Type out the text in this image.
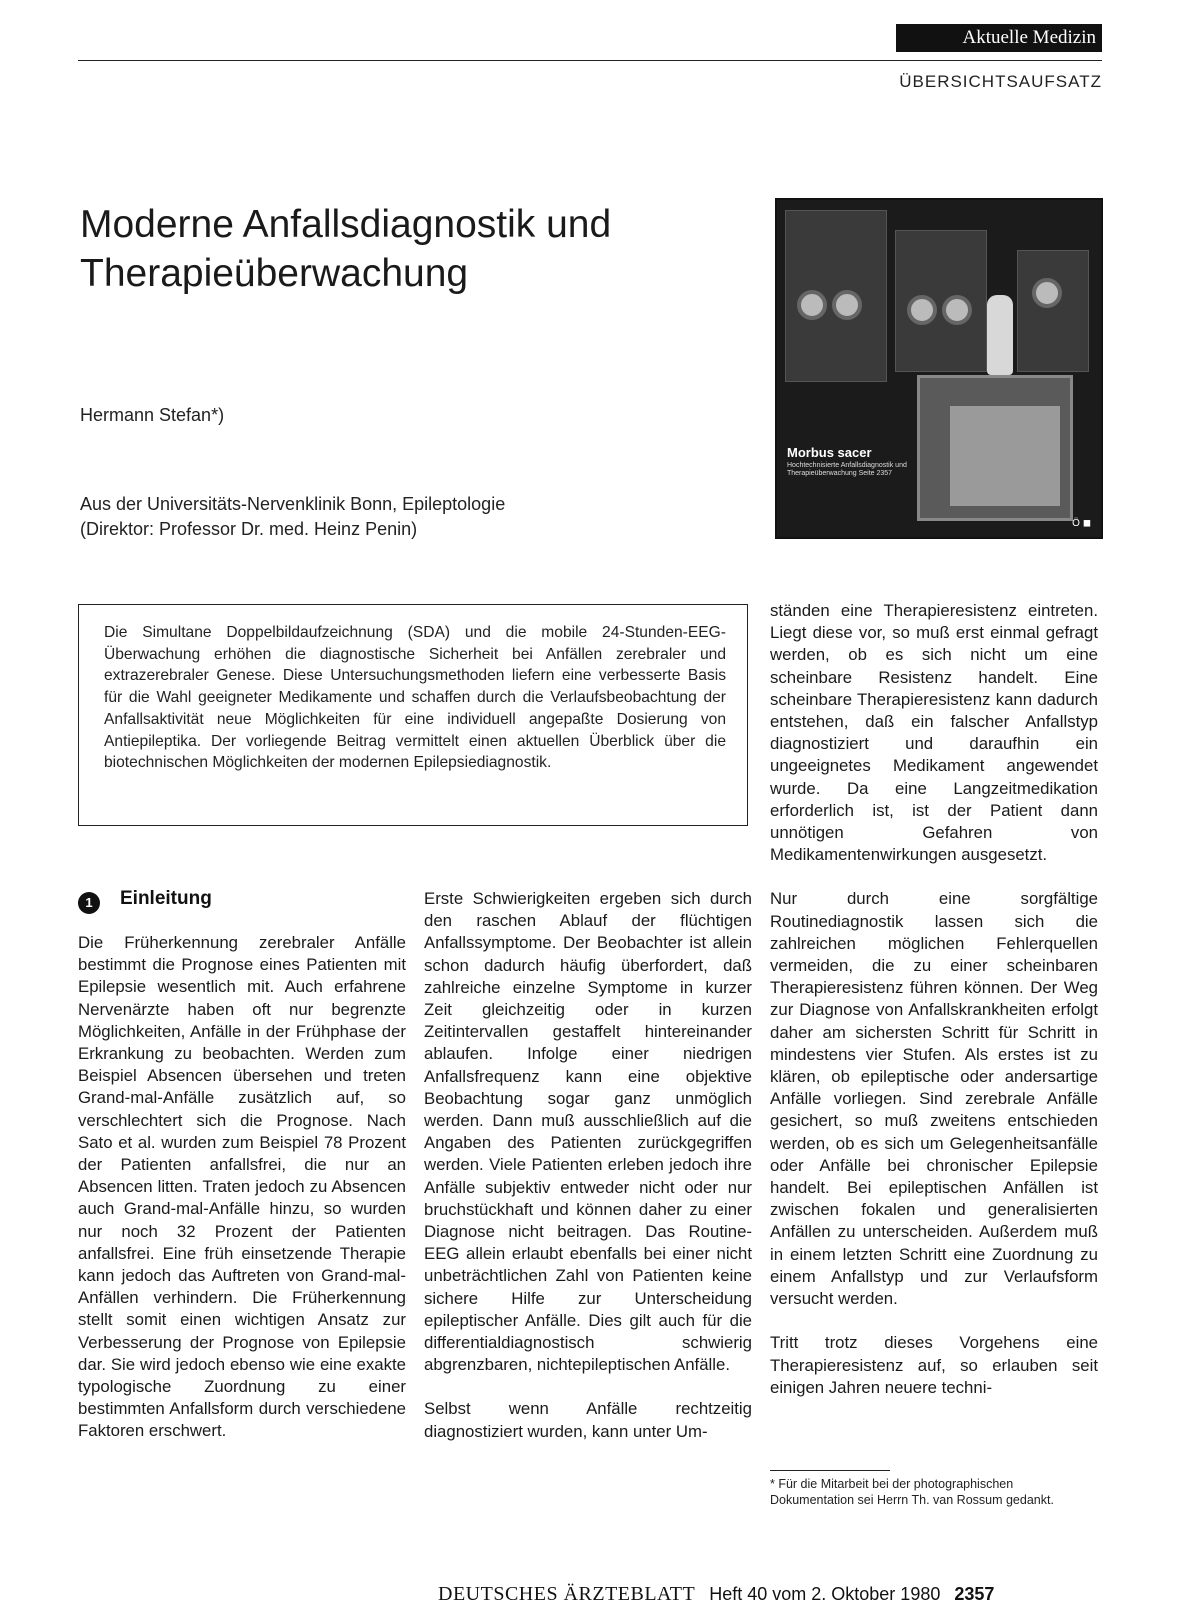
Aktuelle Medizin
ÜBERSICHTSAUFSATZ
Moderne Anfallsdiagnostik und Therapieüberwachung
Hermann Stefan*)
Aus der Universitäts-Nervenklinik Bonn, Epileptologie
(Direktor: Professor Dr. med. Heinz Penin)
Morbus sacer
Hochtechnisierte Anfallsdiagnostik und Therapieüberwachung Seite 2357
Ö ◼

Die Simultane Doppelbildaufzeichnung (SDA) und die mobile 24-Stunden-EEG-Überwachung erhöhen die diagnostische Sicherheit bei Anfällen zerebraler und extrazerebraler Genese. Diese Untersuchungsmethoden liefern eine verbesserte Basis für die Wahl geeigneter Medikamente und schaffen durch die Verlaufsbeobachtung der Anfallsaktivität neue Möglichkeiten für eine individuell angepaßte Dosierung von Antiepileptika. Der vorliegende Beitrag vermittelt einen aktuellen Überblick über die biotechnischen Möglichkeiten der modernen Epilepsiediagnostik.

1	Einleitung

Die Früherkennung zerebraler Anfälle bestimmt die Prognose eines Patienten mit Epilepsie wesentlich mit. Auch erfahrene Nervenärzte haben oft nur begrenzte Möglichkeiten, Anfälle in der Frühphase der Erkrankung zu beobachten. Werden zum Beispiel Absencen übersehen und treten Grand-mal-Anfälle zusätzlich auf, so verschlechtert sich die Prognose. Nach Sato et al. wurden zum Beispiel 78 Prozent der Patienten anfallsfrei, die nur an Absencen litten. Traten jedoch zu Absencen auch Grand-mal-Anfälle hinzu, so wurden nur noch 32 Prozent der Patienten anfallsfrei. Eine früh einsetzende Therapie kann jedoch das Auftreten von Grand-mal-Anfällen verhindern. Die Früherkennung stellt somit einen wichtigen Ansatz zur Verbesserung der Prognose von Epilepsie dar. Sie wird jedoch ebenso wie eine exakte typologische Zuordnung zu einer bestimmten Anfallsform durch verschiedene Faktoren erschwert.

Erste Schwierigkeiten ergeben sich durch den raschen Ablauf der flüchtigen Anfallssymptome. Der Beobachter ist allein schon dadurch häufig überfordert, daß zahlreiche einzelne Symptome in kurzer Zeit gleichzeitig oder in kurzen Zeitintervallen gestaffelt hintereinander ablaufen. Infolge einer niedrigen Anfallsfrequenz kann eine objektive Beobachtung sogar ganz unmöglich werden. Dann muß ausschließlich auf die Angaben des Patienten zurückgegriffen werden. Viele Patienten erleben jedoch ihre Anfälle subjektiv entweder nicht oder nur bruchstückhaft und können daher zu einer Diagnose nicht beitragen. Das Routine-EEG allein erlaubt ebenfalls bei einer nicht unbeträchtlichen Zahl von Patienten keine sichere Hilfe zur Unterscheidung epileptischer Anfälle. Dies gilt auch für die differentialdiagnostisch schwierig abgrenzbaren, nichtepileptischen Anfälle.

Selbst wenn Anfälle rechtzeitig diagnostiziert wurden, kann unter Um-

ständen eine Therapieresistenz eintreten. Liegt diese vor, so muß erst einmal gefragt werden, ob es sich nicht um eine scheinbare Resistenz handelt. Eine scheinbare Therapieresistenz kann dadurch entstehen, daß ein falscher Anfallstyp diagnostiziert und daraufhin ein ungeeignetes Medikament angewendet wurde. Da eine Langzeitmedikation erforderlich ist, ist der Patient dann unnötigen Gefahren von Medikamentenwirkungen ausgesetzt.

Nur durch eine sorgfältige Routinediagnostik lassen sich die zahlreichen möglichen Fehlerquellen vermeiden, die zu einer scheinbaren Therapieresistenz führen können. Der Weg zur Diagnose von Anfallskrankheiten erfolgt daher am sichersten Schritt für Schritt in mindestens vier Stufen. Als erstes ist zu klären, ob epileptische oder andersartige Anfälle vorliegen. Sind zerebrale Anfälle gesichert, so muß zweitens entschieden werden, ob es sich um Gelegenheitsanfälle oder Anfälle bei chronischer Epilepsie handelt. Bei epileptischen Anfällen ist zwischen fokalen und generalisierten Anfällen zu unterscheiden. Außerdem muß in einem letzten Schritt eine Zuordnung zu einem Anfallstyp und zur Verlaufsform versucht werden.

Tritt trotz dieses Vorgehens eine Therapieresistenz auf, so erlauben seit einigen Jahren neuere techni-

* Für die Mitarbeit bei der photographischen Dokumentation sei Herrn Th. van Rossum gedankt.

DEUTSCHES ÄRZTEBLATT Heft 40 vom 2. Oktober 1980 2357
